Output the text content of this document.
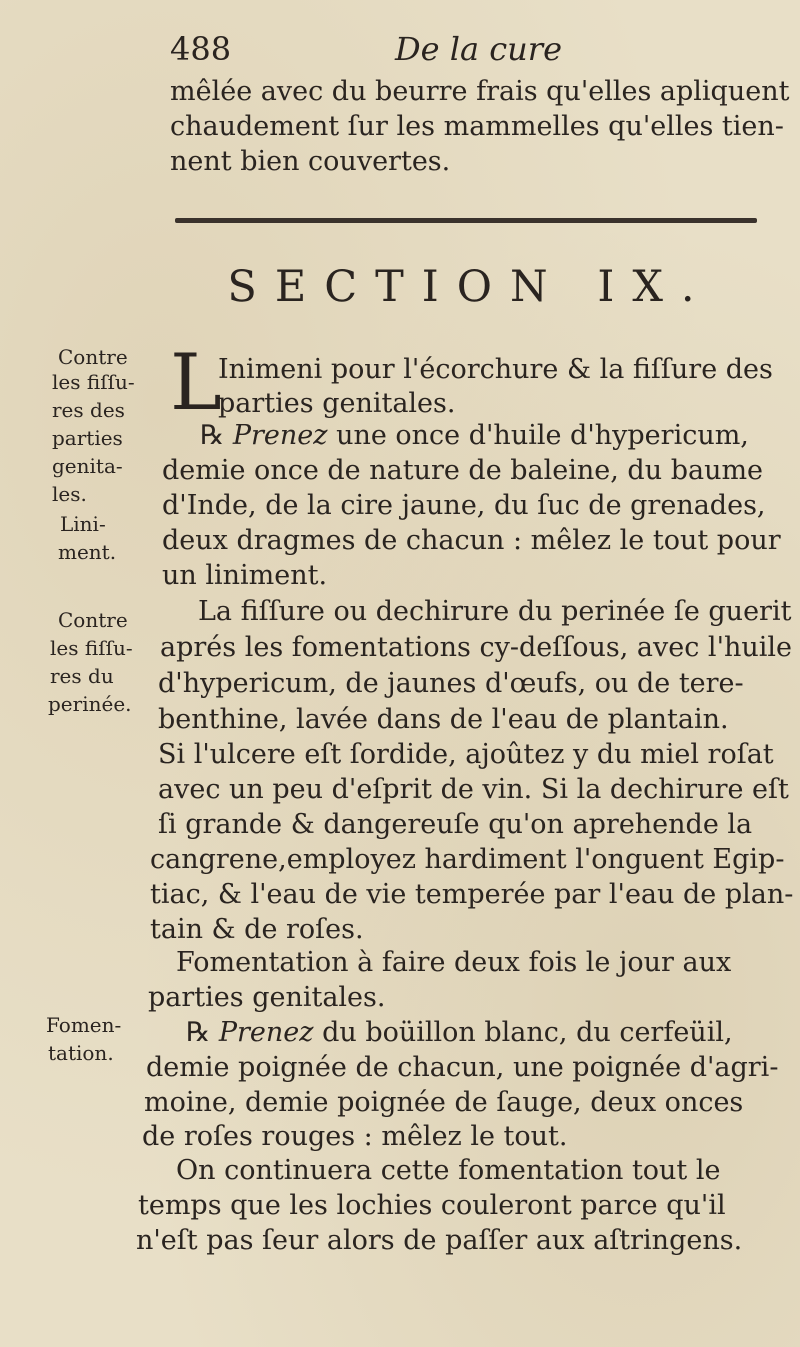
488	De la cure
mêlée avec du beurre frais qu'elles apliquent
chaudement ſur les mammelles qu'elles tien-
nent bien couvertes.
SECTION IX.
Contre
les fiſſu-
res des
parties
genita-
les.
Lini-
ment.
L
Inimeni pour l'écorchure & la fiſſure des
parties genitales.
℞ Prenez une once d'huile d'hypericum,
demie once de nature de baleine, du baume
d'Inde, de la cire jaune, du ſuc de grenades,
deux dragmes de chacun : mêlez le tout pour
un liniment.
Contre
les fiſſu-
res du
perinée.
La fiſſure ou dechirure du perinée ſe guerit
aprés les fomentations cy-deſſous, avec l'huile
d'hypericum, de jaunes d'œufs, ou de tere-
benthine, lavée dans de l'eau de plantain.
Si l'ulcere eſt ſordide, ajoûtez y du miel roſat
avec un peu d'eſprit de vin. Si la dechirure eſt
ſi grande & dangereuſe qu'on aprehende la
cangrene,employez hardiment l'onguent Egip-
tiac, & l'eau de vie temperée par l'eau de plan-
tain & de roſes.
Fomentation à faire deux fois le jour aux
parties genitales.
Fomen-
tation.
℞ Prenez du boüillon blanc, du cerfeüil,
demie poignée de chacun, une poignée d'agri-
moine, demie poignée de ſauge, deux onces
de roſes rouges : mêlez le tout.
On continuera cette fomentation tout le
temps que les lochies couleront parce qu'il
n'eſt pas ſeur alors de paſſer aux aſtringens.
